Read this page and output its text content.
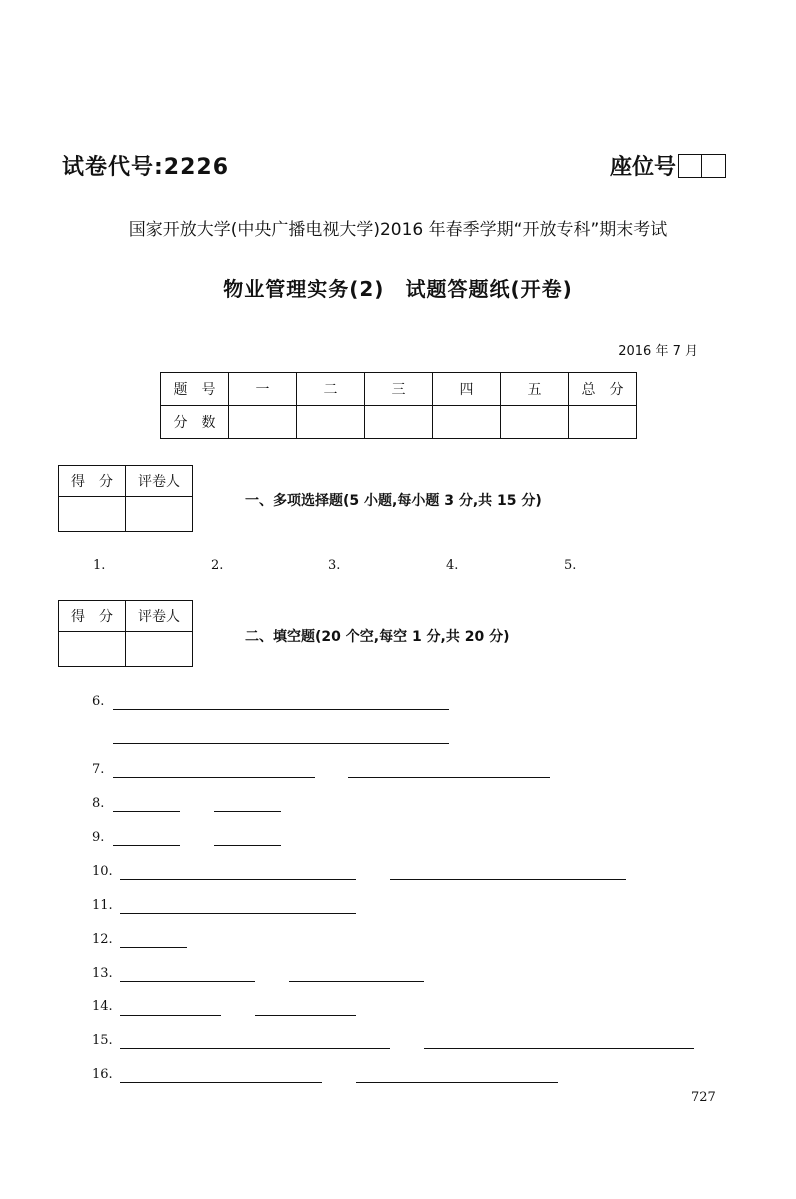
试卷代号:2226	座位号
国家开放大学(中央广播电视大学)2016 年春季学期“开放专科”期末考试
物业管理实务(2)　试题答题纸(开卷)
2016 年 7 月
题　号	一	二	三	四	五	总　分
分　数						
得　分	评卷人

一、多项选择题(5 小题,每小题 3 分,共 15 分)
1.	2.	3.	4.	5.
得　分	评卷人

二、填空题(20 个空,每空 1 分,共 20 分)
6.
7.
8.
9.
10.
11.
12.
13.
14.
15.
16.
727
